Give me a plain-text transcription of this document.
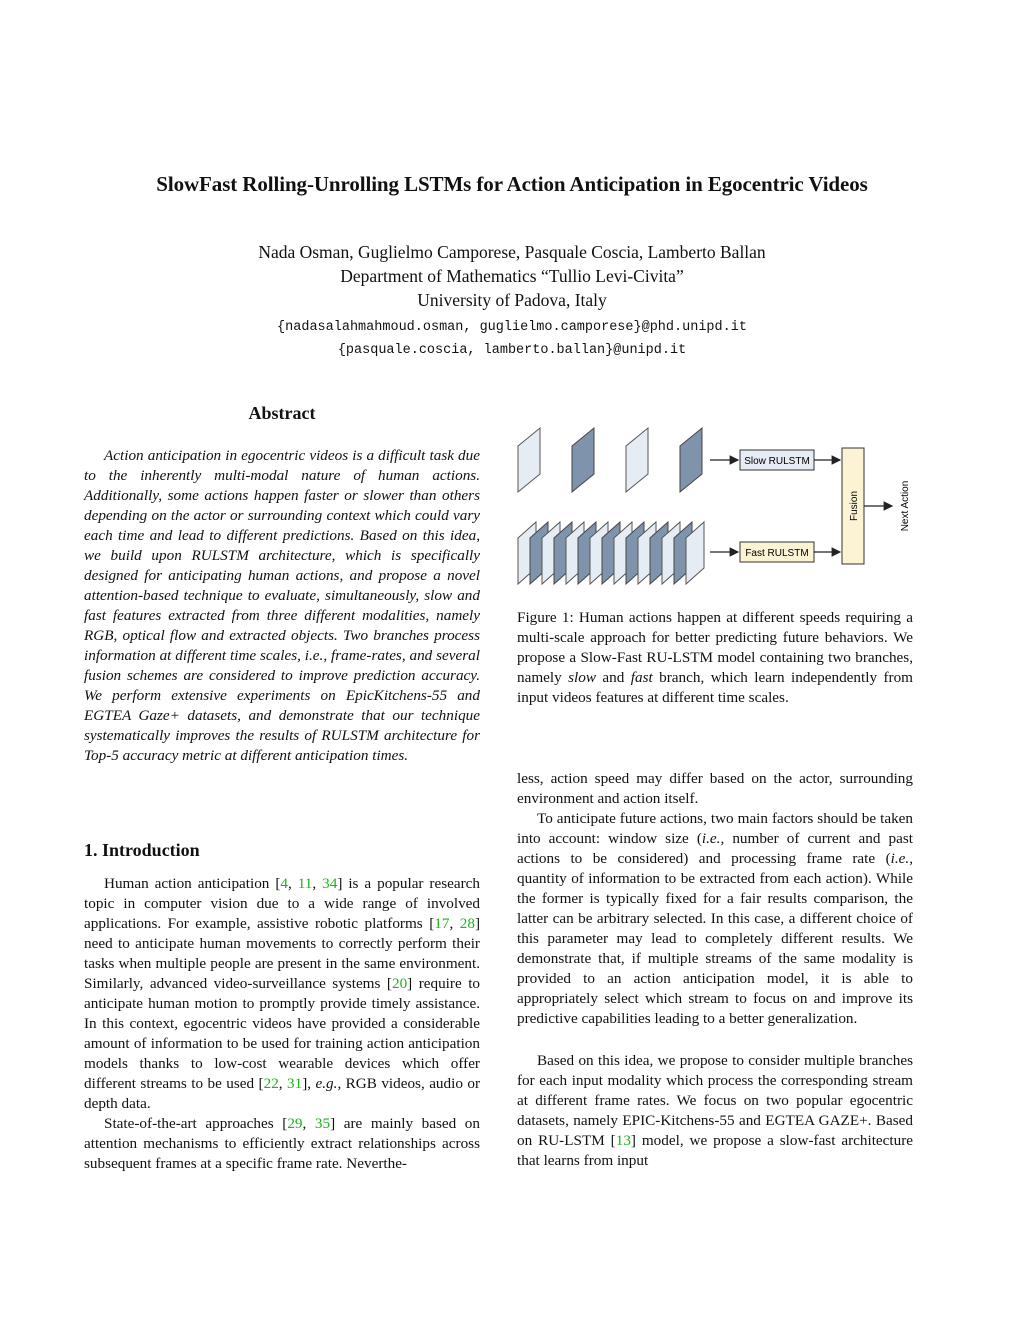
SlowFast Rolling-Unrolling LSTMs for Action Anticipation in Egocentric Videos
Nada Osman, Guglielmo Camporese, Pasquale Coscia, Lamberto Ballan
Department of Mathematics “Tullio Levi-Civita”
University of Padova, Italy
{nadasalahmahmoud.osman, guglielmo.camporese}@phd.unipd.it
{pasquale.coscia, lamberto.ballan}@unipd.it
Abstract

Action anticipation in egocentric videos is a difficult task due to the inherently multi-modal nature of human actions. Additionally, some actions happen faster or slower than others depending on the actor or surrounding context which could vary each time and lead to different predictions. Based on this idea, we build upon RULSTM architecture, which is specifically designed for anticipating human actions, and propose a novel attention-based technique to evaluate, simultaneously, slow and fast features extracted from three different modalities, namely RGB, optical flow and extracted objects. Two branches process information at different time scales, i.e., frame-rates, and several fusion schemes are considered to improve prediction accuracy. We perform extensive experiments on EpicKitchens-55 and EGTEA Gaze+ datasets, and demonstrate that our technique systematically improves the results of RULSTM architecture for Top-5 accuracy metric at different anticipation times.

1. Introduction

Human action anticipation [4, 11, 34] is a popular research topic in computer vision due to a wide range of involved applications. For example, assistive robotic platforms [17, 28] need to anticipate human movements to correctly perform their tasks when multiple people are present in the same environment. Similarly, advanced video-surveillance systems [20] require to anticipate human motion to promptly provide timely assistance. In this context, egocentric videos have provided a considerable amount of information to be used for training action anticipation models thanks to low-cost wearable devices which offer different streams to be used [22, 31], e.g., RGB videos, audio or depth data.

State-of-the-art approaches [29, 35] are mainly based on attention mechanisms to efficiently extract relationships across subsequent frames at a specific frame rate. Neverthe-

Slow RULSTM
Fast RULSTM
Fusion	Next Action

Figure 1: Human actions happen at different speeds requiring a multi-scale approach for better predicting future behaviors. We propose a Slow-Fast RU-LSTM model containing two branches, namely slow and fast branch, which learn independently from input videos features at different time scales.

less, action speed may differ based on the actor, surrounding environment and action itself.

To anticipate future actions, two main factors should be taken into account: window size (i.e., number of current and past actions to be considered) and processing frame rate (i.e., quantity of information to be extracted from each action). While the former is typically fixed for a fair results comparison, the latter can be arbitrary selected. In this case, a different choice of this parameter may lead to completely different results. We demonstrate that, if multiple streams of the same modality is provided to an action anticipation model, it is able to appropriately select which stream to focus on and improve its predictive capabilities leading to a better generalization.

Based on this idea, we propose to consider multiple branches for each input modality which process the corresponding stream at different frame rates. We focus on two popular egocentric datasets, namely EPIC-Kitchens-55 and EGTEA GAZE+. Based on RU-LSTM [13] model, we propose a slow-fast architecture that learns from input
